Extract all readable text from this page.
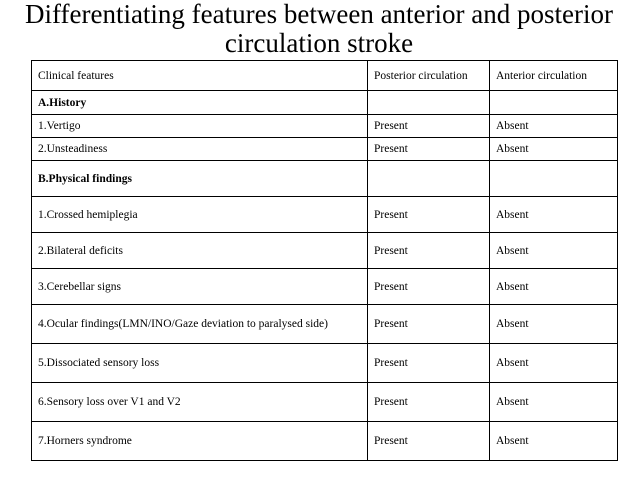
Differentiating features between anterior and posterior
circulation stroke
Clinical features	Posterior circulation	Anterior circulation
A.History		
1.Vertigo	Present	Absent
2.Unsteadiness	Present	Absent
B.Physical findings		
1.Crossed hemiplegia	Present	Absent
2.Bilateral deficits	Present	Absent
3.Cerebellar signs	Present	Absent
4.Ocular findings(LMN/INO/Gaze deviation to paralysed side)	Present	Absent
5.Dissociated sensory loss	Present	Absent
6.Sensory loss over V1 and V2	Present	Absent
7.Horners syndrome	Present	Absent
